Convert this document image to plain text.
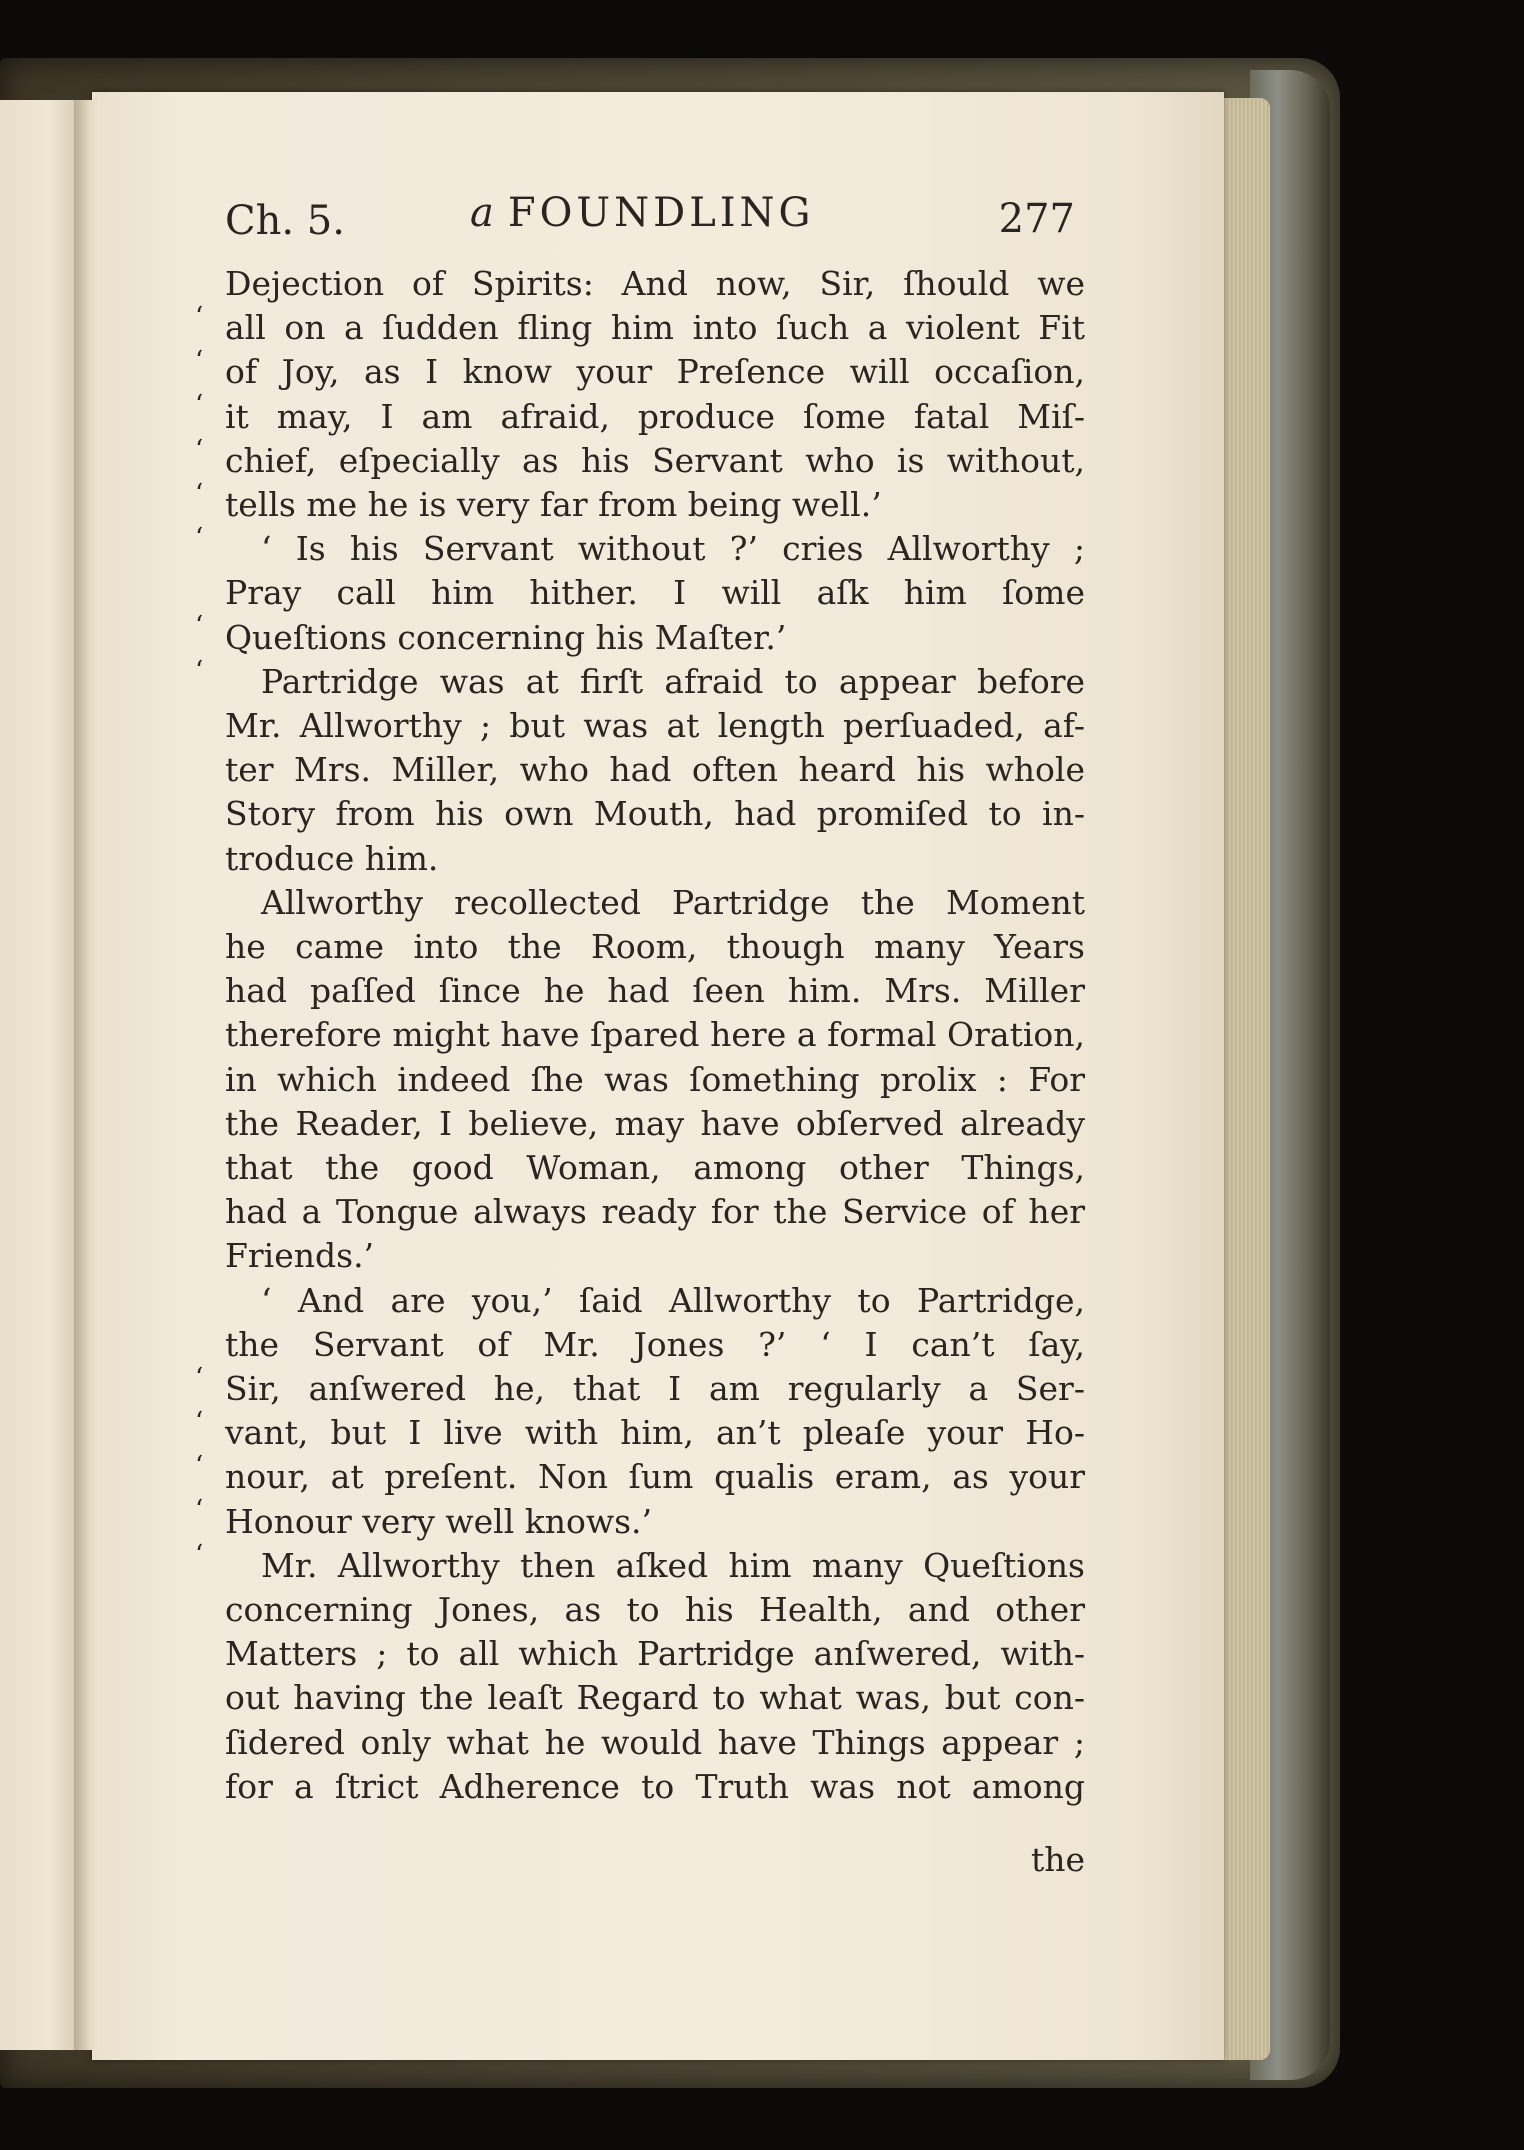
Ch. 5.	a FOUNDLING	277
‘
Dejection of Spirits: And now, Sir, ſhould we
‘
all on a ſudden fling him into ſuch a violent Fit
‘
of Joy, as I know your Preſence will occaſion,
‘
it may, I am afraid, produce ſome fatal Miſ-
‘
chief, eſpecially as his Servant who is without,
‘
tells me he is very far from being well.’
‘ Is his Servant without ?’ cries Allworthy ;
‘
Pray call him hither. I will aſk him ſome
‘
Queſtions concerning his Maſter.’
Partridge was at firſt afraid to appear before
Mr. Allworthy ; but was at length perſuaded, af-
ter Mrs. Miller, who had often heard his whole
Story from his own Mouth, had promiſed to in-
troduce him.
Allworthy recollected Partridge the Moment
he came into the Room, though many Years
had paſſed ſince he had ſeen him. Mrs. Miller
therefore might have ſpared here a formal Oration,
in which indeed ſhe was ſomething prolix : For
the Reader, I believe, may have obſerved already
that the good Woman, among other Things,
had a Tongue always ready for the Service of her
Friends.’
‘ And are you,’ ſaid Allworthy to Partridge,
‘
the Servant of Mr. Jones ?’ ‘ I can’t ſay,
‘
Sir, anſwered he, that I am regularly a Ser-
‘
vant, but I live with him, an’t pleaſe your Ho-
‘
nour, at preſent. Non ſum qualis eram, as your
‘
Honour very well knows.’
Mr. Allworthy then aſked him many Queſtions
concerning Jones, as to his Health, and other
Matters ; to all which Partridge anſwered, with-
out having the leaſt Regard to what was, but con-
ſidered only what he would have Things appear ;
for a ſtrict Adherence to Truth was not among
the
